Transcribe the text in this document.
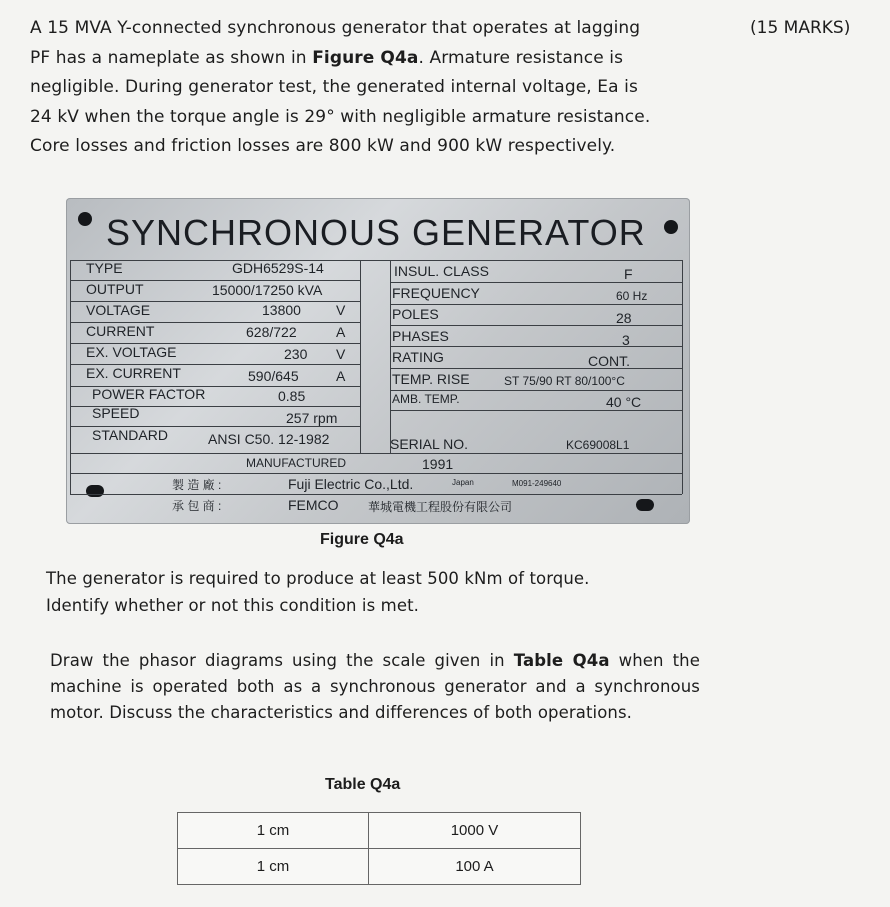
A 15 MVA Y-connected synchronous generator that operates at lagging
PF has a nameplate as shown in Figure Q4a. Armature resistance is
negligible. During generator test, the generated internal voltage, Ea is
24 kV when the torque angle is 29° with negligible armature resistance.
Core losses and friction losses are 800 kW and 900 kW respectively.
(15 MARKS)
SYNCHRONOUS GENERATOR
TYPE	GDH6529S-14
OUTPUT	15000/17250 kVA
VOLTAGE	13800	V
CURRENT	628/722	A
EX. VOLTAGE	230 V
EX. CURRENT	590/645	A
POWER FACTOR	0.85
SPEED	257 rpm
STANDARD	ANSI C50. 12-1982
INSUL. CLASS	F
FREQUENCY	60 Hz
POLES	28
PHASES	3
RATING	CONT.
TEMP. RISE	ST 75/90 RT 80/100°C
AMB. TEMP.	40 °C
SERIAL NO.	KC69008L1
MANUFACTURED	1991
製 造 廠 :	Fuji Electric Co.,Ltd.	Japan	M091-249640
承 包 商 :	FEMCO 華城電機工程股份有限公司
Figure Q4a
The generator is required to produce at least 500 kNm of torque.
Identify whether or not this condition is met.
Draw the phasor diagrams using the scale given in Table Q4a when the machine is operated both as a synchronous generator and a synchronous motor. Discuss the characteristics and differences of both operations.
Table Q4a
1 cm	1000 V
1 cm	100 A
